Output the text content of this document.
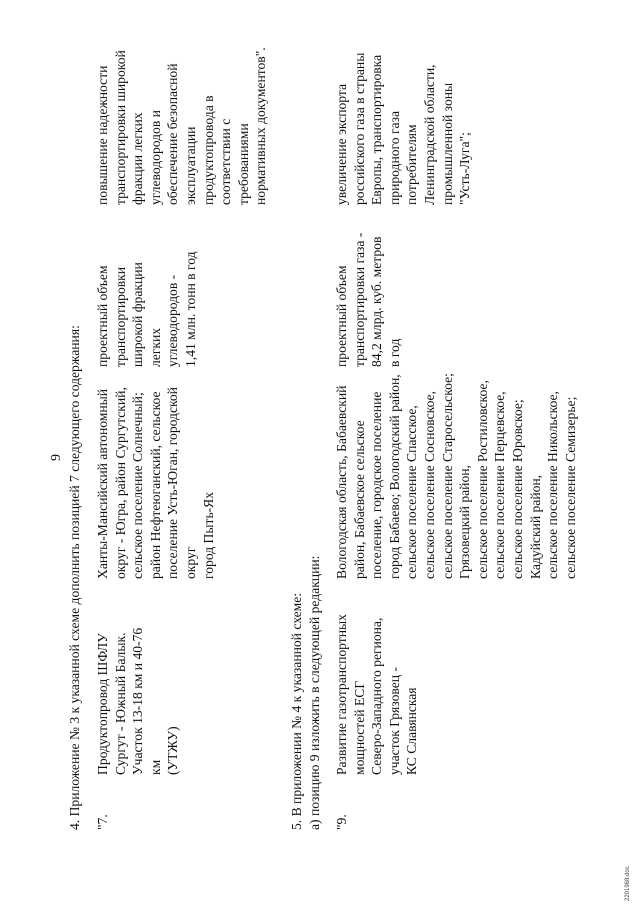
9 4. Приложение № 3 к указанной схеме дополнить позицией 7 следующего содержания: "7.
Продуктопровод ШФЛУ
Сургут - Южный Балык.
Участок 13-18 км и 40-76 км
(УТЖУ)
Ханты-Мансийский автономный
округ - Югра, район Сургутский,
сельское поселение Солнечный;
район Нефтеюганский, сельское
поселение Усть-Юган, городской округ
город Пыть-Ях
проектный объем
транспортировки
широкой фракции
легких
углеводородов -
1,41 млн. тонн в год
повышение надежности
транспортировки широкой
фракции легких
углеводородов и
обеспечение безопасной
эксплуатации
продуктопровода в
соответствии с
требованиями
нормативных документов".
5. В приложении № 4 к указанной схеме: а) позицию 9 изложить в следующей редакции: "9.
Развитие газотранспортных
мощностей ЕСГ
Северо-Западного региона,
участок Грязовец -
КС Славянская
Вологодская область, Бабаевский
район, Бабаевское сельское
поселение, городское поселение
город Бабаево; Вологодский район,
сельское поселение Спасское,
сельское поселение Сосновское,
сельское поселение Старосельское;
Грязовецкий район,
сельское поселение Ростиловское,
сельское поселение Перцевское,
сельское поселение Юровское;
Кадуйский район,
сельское поселение Никольское,
сельское поселение Семизерье;
проектный объем
транспортировки газа -
84,2 млрд. куб. метров
в год
увеличение экспорта
российского газа в страны
Европы, транспортировка
природного газа
потребителям
Ленинградской области,
промышленной зоны
"Усть-Луга";
2201968.doc
